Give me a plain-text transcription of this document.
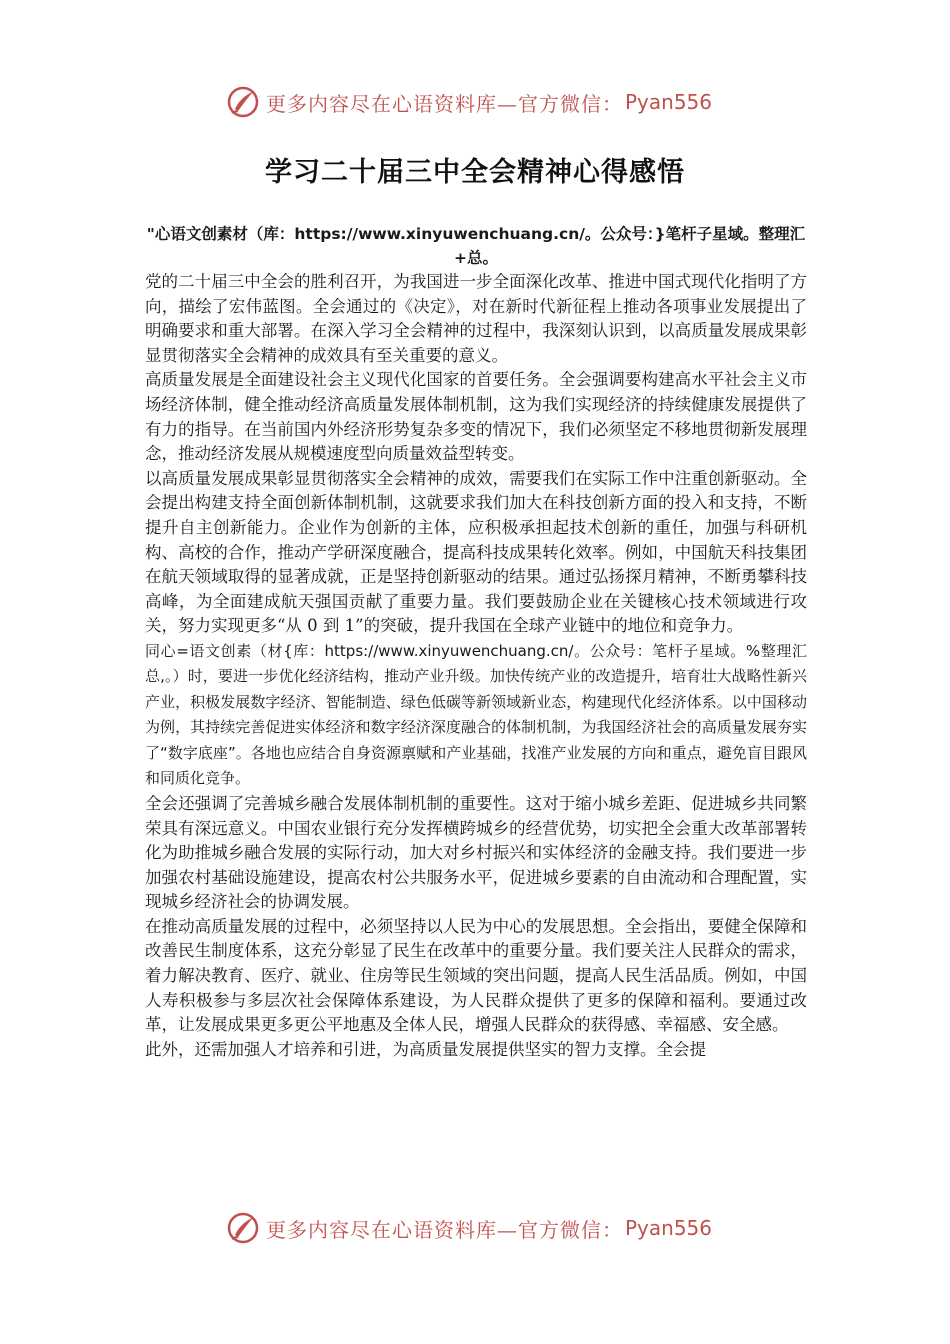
更多内容尽在心语资料库—官方微信： Pyan556
学习二十届三中全会精神心得感悟
"心语文创素材（库：https://www.xinyuwenchuang.cn/。公众号：}笔杆子星域。整理汇+总。

党的二十届三中全会的胜利召开，为我国进一步全面深化改革、推进中国式现代化指明了方向，描绘了宏伟蓝图。全会通过的《决定》，对在新时代新征程上推动各项事业发展提出了明确要求和重大部署。在深入学习全会精神的过程中，我深刻认识到，以高质量发展成果彰显贯彻落实全会精神的成效具有至关重要的意义。

高质量发展是全面建设社会主义现代化国家的首要任务。全会强调要构建高水平社会主义市场经济体制，健全推动经济高质量发展体制机制，这为我们实现经济的持续健康发展提供了有力的指导。在当前国内外经济形势复杂多变的情况下，我们必须坚定不移地贯彻新发展理念，推动经济发展从规模速度型向质量效益型转变。

以高质量发展成果彰显贯彻落实全会精神的成效，需要我们在实际工作中注重创新驱动。全会提出构建支持全面创新体制机制，这就要求我们加大在科技创新方面的投入和支持，不断提升自主创新能力。企业作为创新的主体，应积极承担起技术创新的重任，加强与科研机构、高校的合作，推动产学研深度融合，提高科技成果转化效率。例如，中国航天科技集团在航天领域取得的显著成就，正是坚持创新驱动的结果。通过弘扬探月精神，不断勇攀科技高峰，为全面建成航天强国贡献了重要力量。我们要鼓励企业在关键核心技术领域进行攻关，努力实现更多“从 0 到 1”的突破，提升我国在全球产业链中的地位和竞争力。

同心=语文创素（材{库：https://www.xinyuwenchuang.cn/。公众号：笔杆子星域。%整理汇总,。）时，要进一步优化经济结构，推动产业升级。加快传统产业的改造提升，培育壮大战略性新兴产业，积极发展数字经济、智能制造、绿色低碳等新领域新业态，构建现代化经济体系。以中国移动为例，其持续完善促进实体经济和数字经济深度融合的体制机制，为我国经济社会的高质量发展夯实了“数字底座”。各地也应结合自身资源禀赋和产业基础，找准产业发展的方向和重点，避免盲目跟风和同质化竞争。

全会还强调了完善城乡融合发展体制机制的重要性。这对于缩小城乡差距、促进城乡共同繁荣具有深远意义。中国农业银行充分发挥横跨城乡的经营优势，切实把全会重大改革部署转化为助推城乡融合发展的实际行动，加大对乡村振兴和实体经济的金融支持。我们要进一步加强农村基础设施建设，提高农村公共服务水平，促进城乡要素的自由流动和合理配置，实现城乡经济社会的协调发展。

在推动高质量发展的过程中，必须坚持以人民为中心的发展思想。全会指出，要健全保障和改善民生制度体系，这充分彰显了民生在改革中的重要分量。我们要关注人民群众的需求，着力解决教育、医疗、就业、住房等民生领域的突出问题，提高人民生活品质。例如，中国人寿积极参与多层次社会保障体系建设，为人民群众提供了更多的保障和福利。要通过改革，让发展成果更多更公平地惠及全体人民，增强人民群众的获得感、幸福感、安全感。

此外，还需加强人才培养和引进，为高质量发展提供坚实的智力支撑。全会提

更多内容尽在心语资料库—官方微信： Pyan556
